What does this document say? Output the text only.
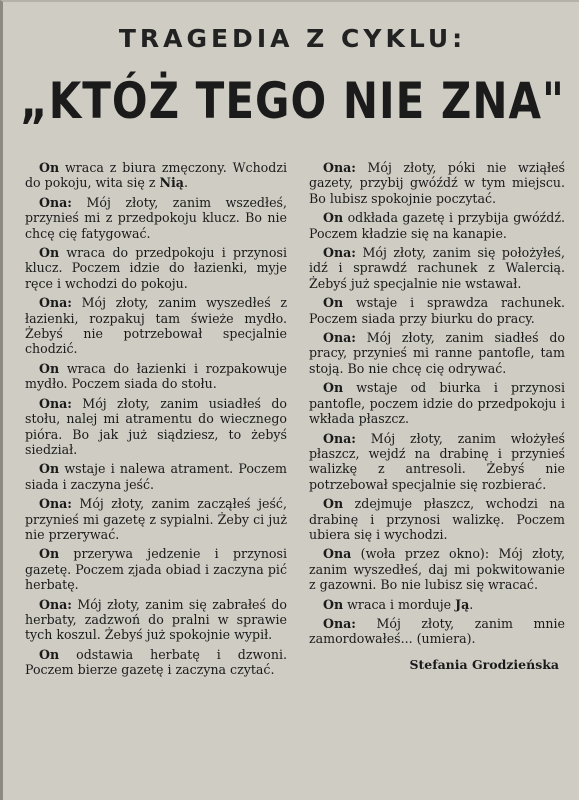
TRAGEDIA Z CYKLU:
„KTÓŻ TEGO NIE ZNA"

On wraca z biura zmęczony. Wchodzi do pokoju, wita się z Nią.

Ona: Mój złoty, zanim wszedłeś, przynieś mi z przedpokoju klucz. Bo nie chcę cię fatygować.

On wraca do przedpokoju i przynosi klucz. Poczem idzie do łazienki, myje ręce i wchodzi do pokoju.

Ona: Mój złoty, zanim wyszedłeś z łazienki, rozpakuj tam świeże mydło. Żebyś nie potrzebował specjalnie chodzić.

On wraca do łazienki i rozpakowuje mydło. Poczem siada do stołu.

Ona: Mój złoty, zanim usiadłeś do stołu, nalej mi atramentu do wiecznego pióra. Bo jak już siądziesz, to żebyś siedział.

On wstaje i nalewa atrament. Poczem siada i zaczyna jeść.

Ona: Mój złoty, zanim zacząłeś jeść, przynieś mi gazetę z sypialni. Żeby ci już nie przerywać.

On przerywa jedzenie i przynosi gazetę. Poczem zjada obiad i zaczyna pić herbatę.

Ona: Mój złoty, zanim się zabrałeś do herbaty, zadzwoń do pralni w sprawie tych koszul. Żebyś już spokojnie wypił.

On odstawia herbatę i dzwoni. Poczem bierze gazetę i zaczyna czytać.

Ona: Mój złoty, póki nie wziąłeś gazety, przybij gwóźdź w tym miejscu. Bo lubisz spokojnie poczytać.

On odkłada gazetę i przybija gwóźdź. Poczem kładzie się na kanapie.

Ona: Mój złoty, zanim się położyłeś, idź i sprawdź rachunek z Walercią. Żebyś już specjalnie nie wstawał.

On wstaje i sprawdza rachunek. Poczem siada przy biurku do pracy.

Ona: Mój złoty, zanim siadłeś do pracy, przynieś mi ranne pantofle, tam stoją. Bo nie chcę cię odrywać.

On wstaje od biurka i przynosi pantofle, poczem idzie do przedpokoju i wkłada płaszcz.

Ona: Mój złoty, zanim włożyłeś płaszcz, wejdź na drabinę i przynieś walizkę z antresoli. Żebyś nie potrzebował specjalnie się rozbierać.

On zdejmuje płaszcz, wchodzi na drabinę i przynosi walizkę. Poczem ubiera się i wychodzi.

Ona (woła przez okno): Mój złoty, zanim wyszedłeś, daj mi pokwitowanie z gazowni. Bo nie lubisz się wracać.

On wraca i morduje Ją.

Ona: Mój złoty, zanim mnie zamordowałeś... (umiera).

Stefania Grodzieńska
